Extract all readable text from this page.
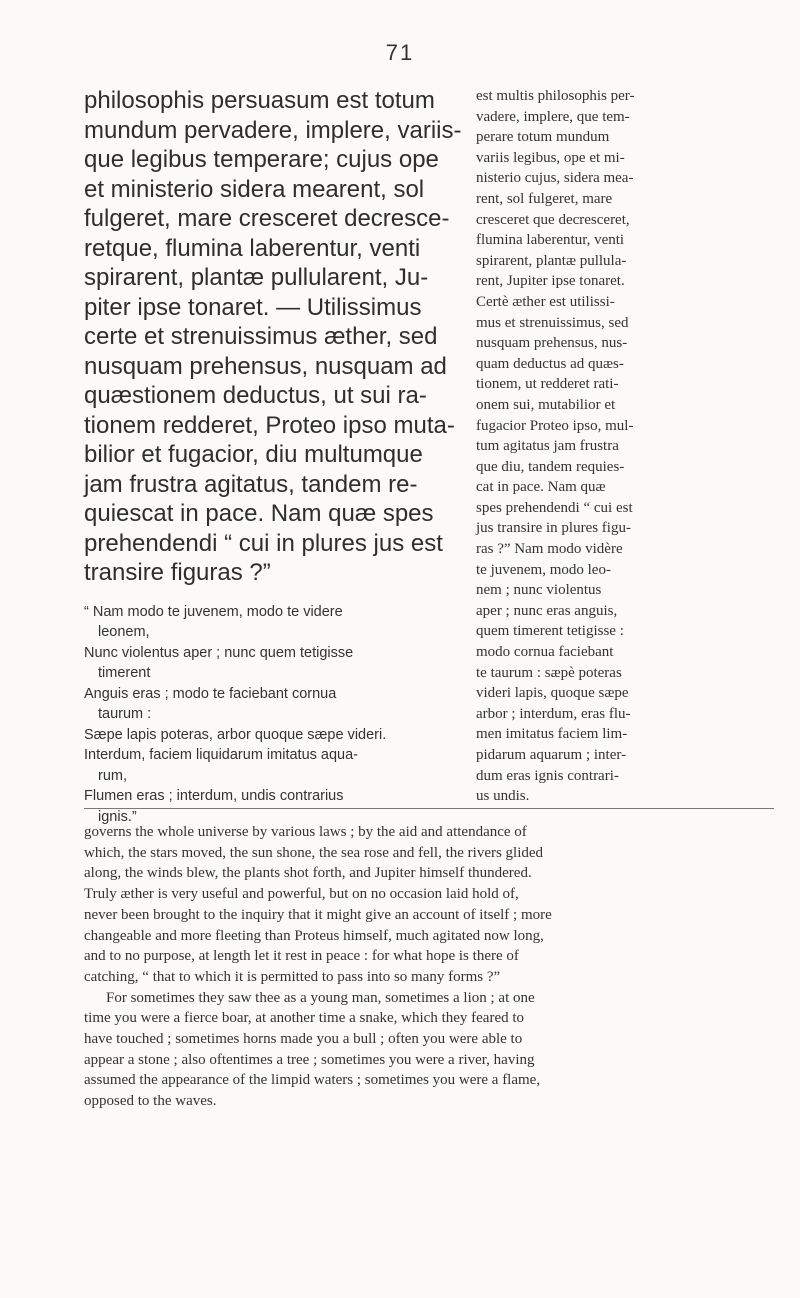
71

philosophis persuasum est totum
mundum pervadere, implere, variis-
que legibus temperare; cujus ope
et ministerio sidera mearent, sol
fulgeret, mare cresceret decresce-
retque, flumina laberentur, venti
spirarent, plantæ pullularent, Ju-
piter ipse tonaret. — Utilissimus
certe et strenuissimus æther, sed
nusquam prehensus, nusquam ad
quæstionem deductus, ut sui ra-
tionem redderet, Proteo ipso muta-
bilior et fugacior, diu multumque
jam frustra agitatus, tandem re-
quiescat in pace. Nam quæ spes
prehendendi “ cui in plures jus est
transire figuras ?”

“ Nam modo te juvenem, modo te videre
leonem,
Nunc violentus aper ; nunc quem tetigisse
timerent
Anguis eras ; modo te faciebant cornua
taurum :
Sæpe lapis poteras, arbor quoque sæpe videri.
Interdum, faciem liquidarum imitatus aqua-
rum,
Flumen eras ; interdum, undis contrarius
ignis.”

est multis philosophis per-
vadere, implere, que tem-
perare totum mundum
variis legibus, ope et mi-
nisterio cujus, sidera mea-
rent, sol fulgeret, mare
cresceret que decresceret,
flumina laberentur, venti
spirarent, plantæ pullula-
rent, Jupiter ipse tonaret.
Certè æther est utilissi-
mus et strenuissimus, sed
nusquam prehensus, nus-
quam deductus ad quæs-
tionem, ut redderet rati-
onem sui, mutabilior et
fugacior Proteo ipso, mul-
tum agitatus jam frustra
que diu, tandem requies-
cat in pace. Nam quæ
spes prehendendi “ cui est
jus transire in plures figu-
ras ?” Nam modo vidère
te juvenem, modo leo-
nem ; nunc violentus
aper ; nunc eras anguis,
quem timerent tetigisse :
modo cornua faciebant
te taurum : sæpè poteras
videri lapis, quoque sæpe
arbor ; interdum, eras flu-
men imitatus faciem lim-
pidarum aquarum ; inter-
dum eras ignis contrari-
us undis.

governs the whole universe by various laws ; by the aid and attendance of
which, the stars moved, the sun shone, the sea rose and fell, the rivers glided
along, the winds blew, the plants shot forth, and Jupiter himself thundered.
Truly æther is very useful and powerful, but on no occasion laid hold of,
never been brought to the inquiry that it might give an account of itself ; more
changeable and more fleeting than Proteus himself, much agitated now long,
and to no purpose, at length let it rest in peace : for what hope is there of
catching, “ that to which it is permitted to pass into so many forms ?”
For sometimes they saw thee as a young man, sometimes a lion ; at one
time you were a fierce boar, at another time a snake, which they feared to
have touched ; sometimes horns made you a bull ; often you were able to
appear a stone ; also oftentimes a tree ; sometimes you were a river, having
assumed the appearance of the limpid waters ; sometimes you were a flame,
opposed to the waves.
